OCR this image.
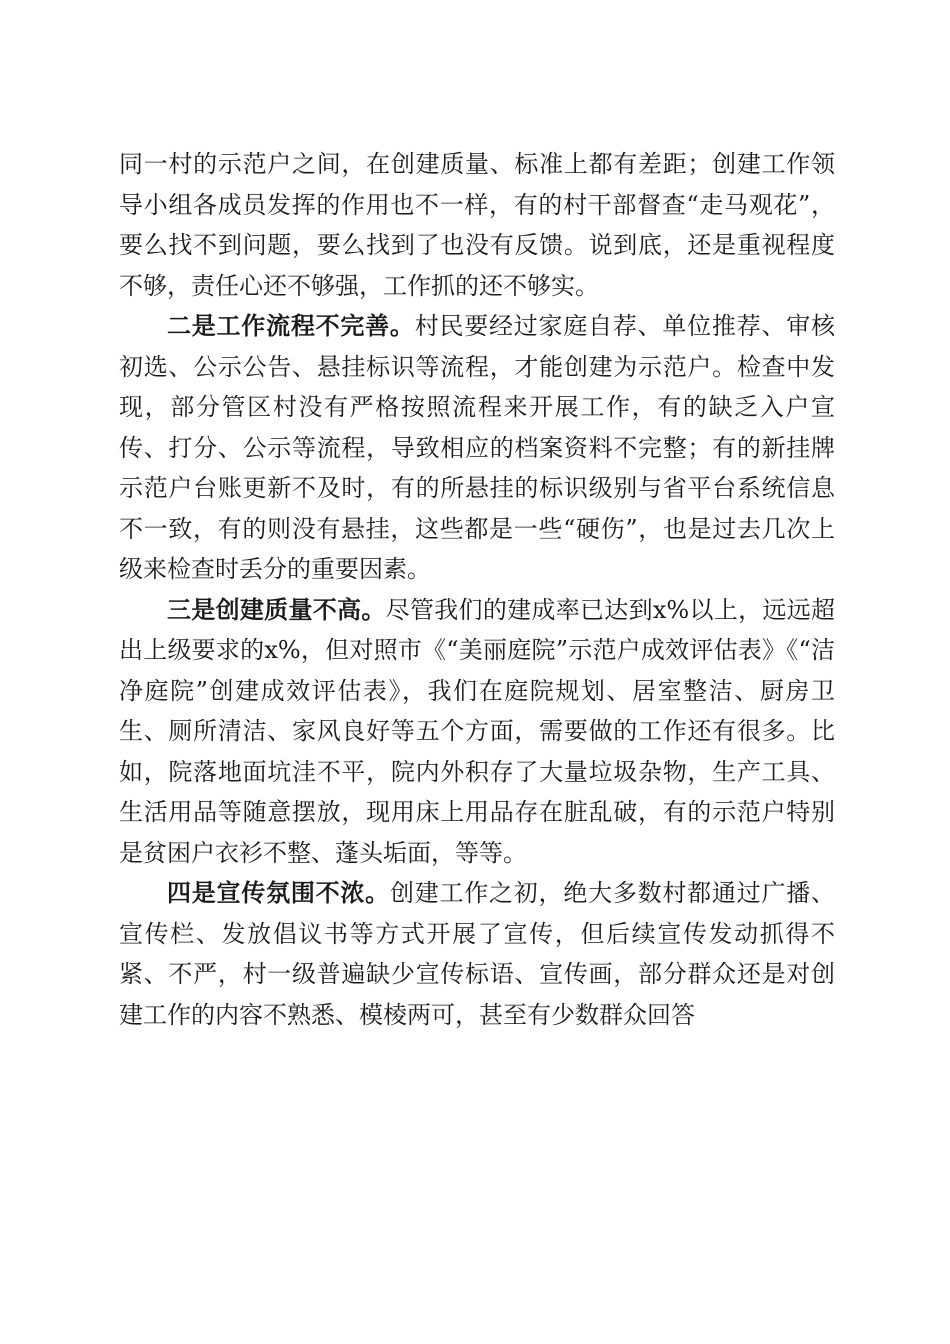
同一村的示范户之间，在创建质量、标准上都有差距；创建工作领导小组各成员发挥的作用也不一样，有的村干部督查“走马观花”，要么找不到问题，要么找到了也没有反馈。说到底，还是重视程度不够，责任心还不够强，工作抓的还不够实。

二是工作流程不完善。村民要经过家庭自荐、单位推荐、审核初选、公示公告、悬挂标识等流程，才能创建为示范户。检查中发现，部分管区村没有严格按照流程来开展工作，有的缺乏入户宣传、打分、公示等流程，导致相应的档案资料不完整；有的新挂牌示范户台账更新不及时，有的所悬挂的标识级别与省平台系统信息不一致，有的则没有悬挂，这些都是一些“硬伤”，也是过去几次上级来检查时丢分的重要因素。

三是创建质量不高。尽管我们的建成率已达到x%以上，远远超出上级要求的x%，但对照市《“美丽庭院”示范户成效评估表》《“洁净庭院”创建成效评估表》，我们在庭院规划、居室整洁、厨房卫生、厕所清洁、家风良好等五个方面，需要做的工作还有很多。比如，院落地面坑洼不平，院内外积存了大量垃圾杂物，生产工具、生活用品等随意摆放，现用床上用品存在脏乱破，有的示范户特别是贫困户衣衫不整、蓬头垢面，等等。

四是宣传氛围不浓。创建工作之初，绝大多数村都通过广播、宣传栏、发放倡议书等方式开展了宣传，但后续宣传发动抓得不紧、不严，村一级普遍缺少宣传标语、宣传画，部分群众还是对创建工作的内容不熟悉、模棱两可，甚至有少数群众回答
